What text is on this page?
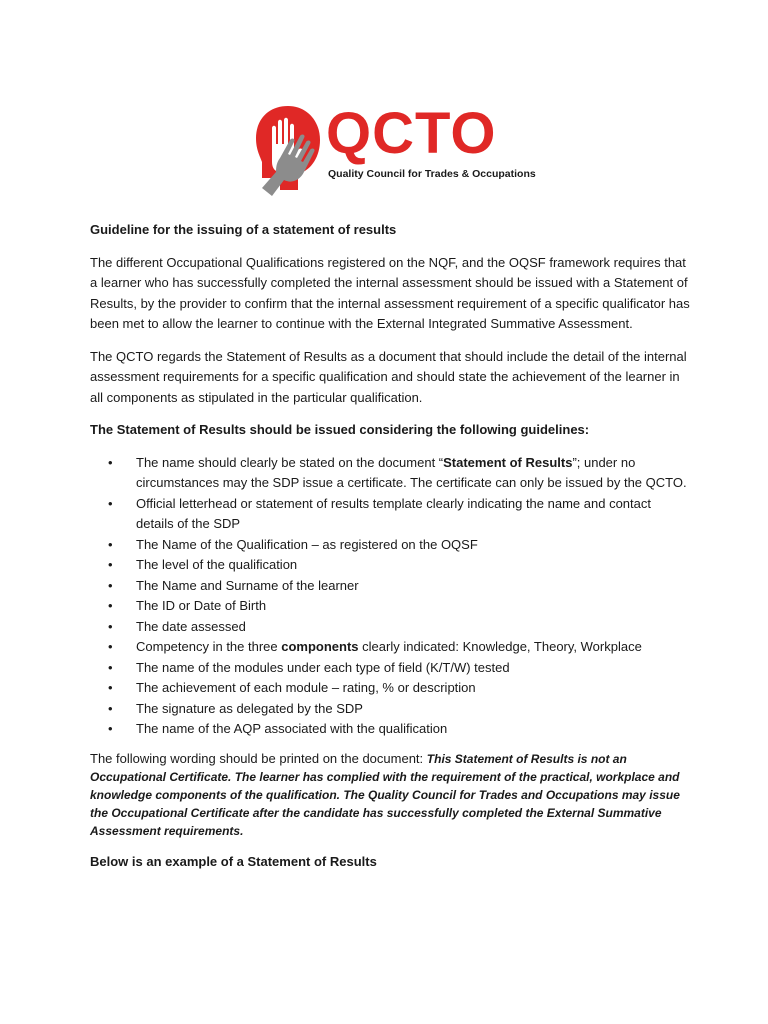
QCTO
Quality Council for Trades & Occupations

Guideline for the issuing of a statement of results

The different Occupational Qualifications registered on the NQF, and the OQSF framework requires that a learner who has successfully completed the internal assessment should be issued with a Statement of Results, by the provider to confirm that the internal assessment requirement of a specific qualificator has been met to allow the learner to continue with the External Integrated Summative Assessment.

The QCTO regards the Statement of Results as a document that should include the detail of the internal assessment requirements for a specific qualification and should state the achievement of the learner in all components as stipulated in the particular qualification.

The Statement of Results should be issued considering the following guidelines:

• The name should clearly be stated on the document “Statement of Results”; under no circumstances may the SDP issue a certificate. The certificate can only be issued by the QCTO.
• Official letterhead or statement of results template clearly indicating the name and contact details of the SDP
• The Name of the Qualification – as registered on the OQSF
• The level of the qualification
• The Name and Surname of the learner
• The ID or Date of Birth
• The date assessed
• Competency in the three components clearly indicated: Knowledge, Theory, Workplace
• The name of the modules under each type of field (K/T/W) tested
• The achievement of each module – rating, % or description
• The signature as delegated by the SDP
• The name of the AQP associated with the qualification

The following wording should be printed on the document: This Statement of Results is not an Occupational Certificate. The learner has complied with the requirement of the practical, workplace and knowledge components of the qualification. The Quality Council for Trades and Occupations may issue the Occupational Certificate after the candidate has successfully completed the External Summative Assessment requirements.

Below is an example of a Statement of Results
